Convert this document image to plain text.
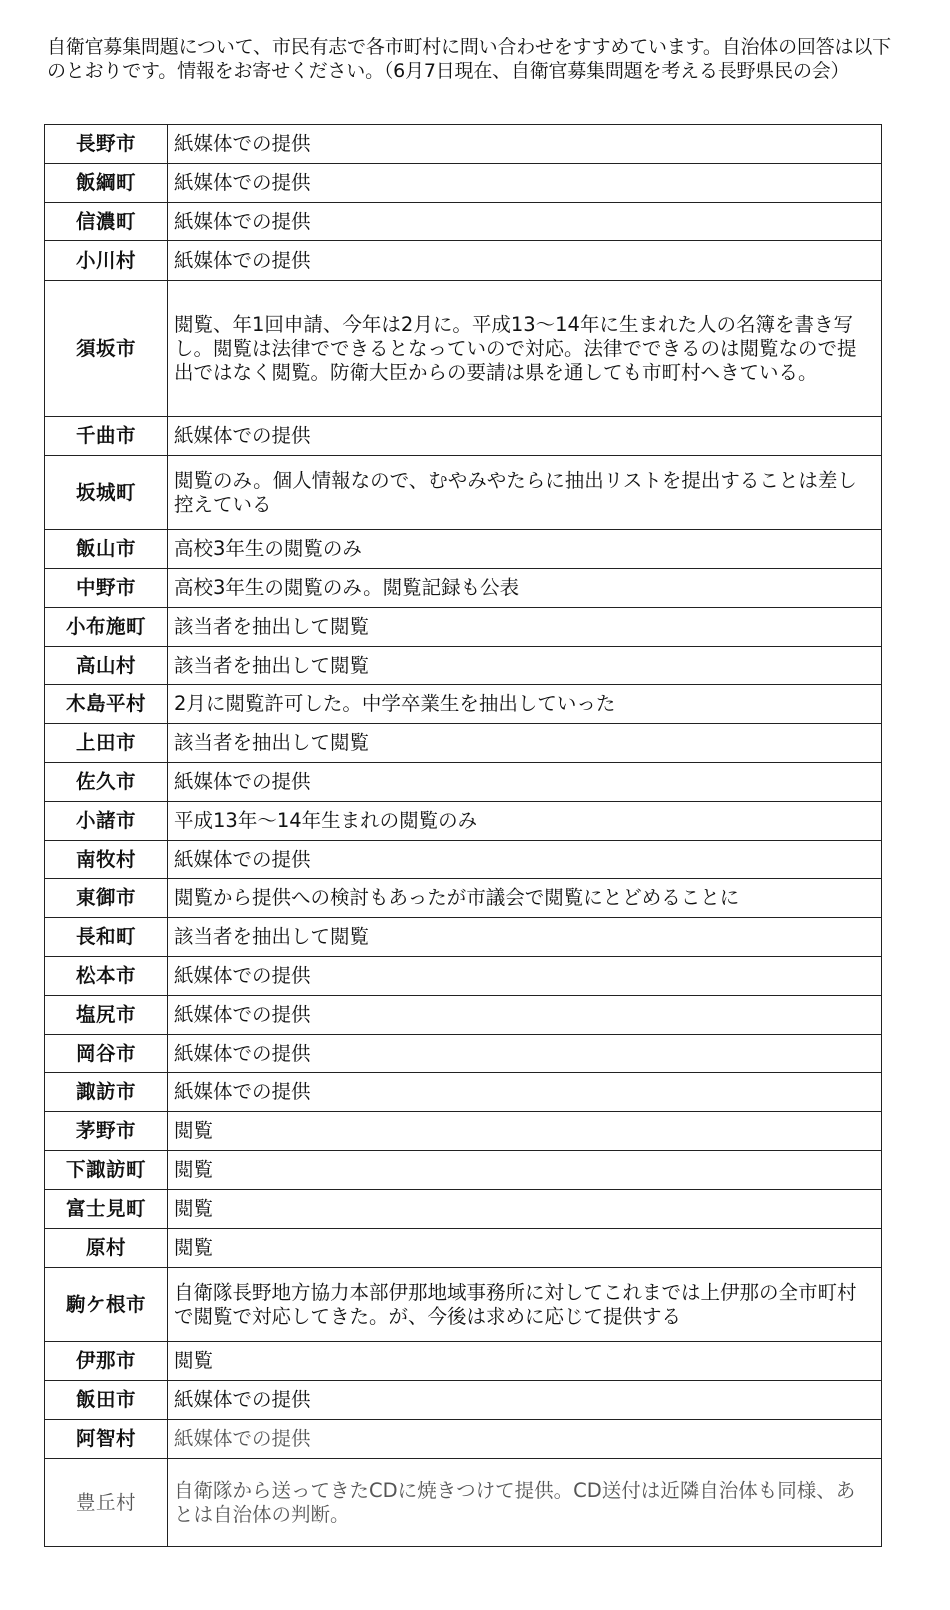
自衛官募集問題について、市民有志で各市町村に問い合わせをすすめています。自治体の回答は以下のとおりです。情報をお寄せください。（6月7日現在、自衛官募集問題を考える長野県民の会）
長野市	紙媒体での提供
飯綱町	紙媒体での提供
信濃町	紙媒体での提供
小川村	紙媒体での提供
須坂市	閲覧、年1回申請、今年は2月に。平成13〜14年に生まれた人の名簿を書き写し。閲覧は法律でできるとなっていので対応。法律でできるのは閲覧なので提出ではなく閲覧。防衛大臣からの要請は県を通しても市町村へきている。
千曲市	紙媒体での提供
坂城町	閲覧のみ。個人情報なので、むやみやたらに抽出リストを提出することは差し控えている
飯山市	高校3年生の閲覧のみ
中野市	高校3年生の閲覧のみ。閲覧記録も公表
小布施町	該当者を抽出して閲覧
高山村	該当者を抽出して閲覧
木島平村	2月に閲覧許可した。中学卒業生を抽出していった
上田市	該当者を抽出して閲覧
佐久市	紙媒体での提供
小諸市	平成13年〜14年生まれの閲覧のみ
南牧村	紙媒体での提供
東御市	閲覧から提供への検討もあったが市議会で閲覧にとどめることに
長和町	該当者を抽出して閲覧
松本市	紙媒体での提供
塩尻市	紙媒体での提供
岡谷市	紙媒体での提供
諏訪市	紙媒体での提供
茅野市	閲覧
下諏訪町	閲覧
富士見町	閲覧
原村	閲覧
駒ケ根市	自衛隊長野地方協力本部伊那地域事務所に対してこれまでは上伊那の全市町村で閲覧で対応してきた。が、今後は求めに応じて提供する
伊那市	閲覧
飯田市	紙媒体での提供
阿智村	紙媒体での提供
豊丘村	自衛隊から送ってきたCDに焼きつけて提供。CD送付は近隣自治体も同様、あとは自治体の判断。
